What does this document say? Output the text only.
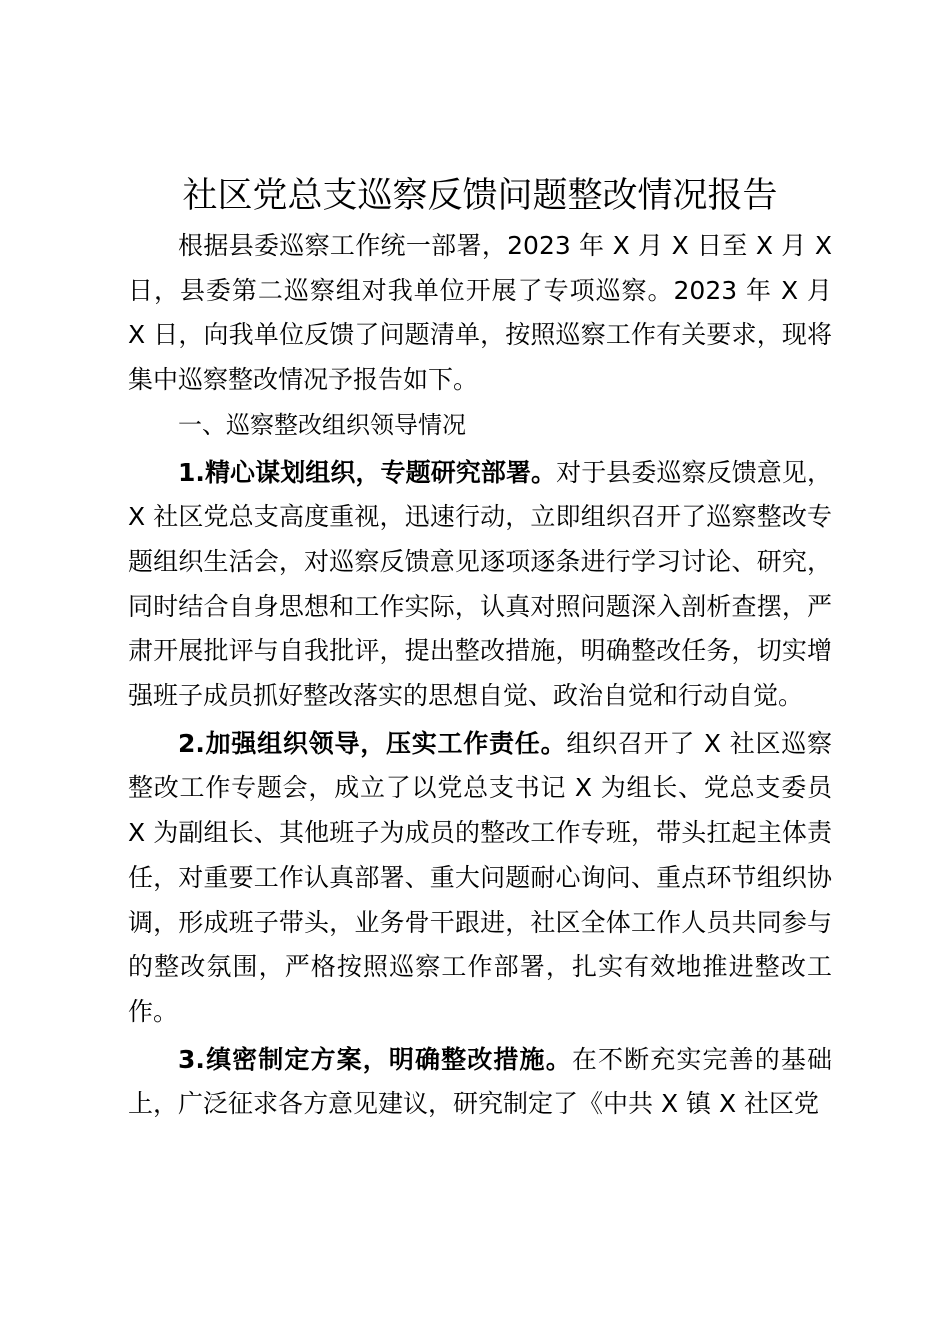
社区党总支巡察反馈问题整改情况报告

根据县委巡察工作统一部署，2023 年 X 月 X 日至 X 月 X 日，县委第二巡察组对我单位开展了专项巡察。2023 年 X 月 X 日，向我单位反馈了问题清单，按照巡察工作有关要求，现将集中巡察整改情况予报告如下。

一、巡察整改组织领导情况

1.精心谋划组织，专题研究部署。对于县委巡察反馈意见，X 社区党总支高度重视，迅速行动，立即组织召开了巡察整改专题组织生活会，对巡察反馈意见逐项逐条进行学习讨论、研究，同时结合自身思想和工作实际，认真对照问题深入剖析查摆，严肃开展批评与自我批评，提出整改措施，明确整改任务，切实增强班子成员抓好整改落实的思想自觉、政治自觉和行动自觉。

2.加强组织领导，压实工作责任。组织召开了 X 社区巡察整改工作专题会，成立了以党总支书记 X 为组长、党总支委员 X 为副组长、其他班子为成员的整改工作专班，带头扛起主体责任，对重要工作认真部署、重大问题耐心询问、重点环节组织协调，形成班子带头，业务骨干跟进，社区全体工作人员共同参与的整改氛围，严格按照巡察工作部署，扎实有效地推进整改工作。

3.缜密制定方案，明确整改措施。在不断充实完善的基础上，广泛征求各方意见建议，研究制定了《中共 X 镇 X 社区党
